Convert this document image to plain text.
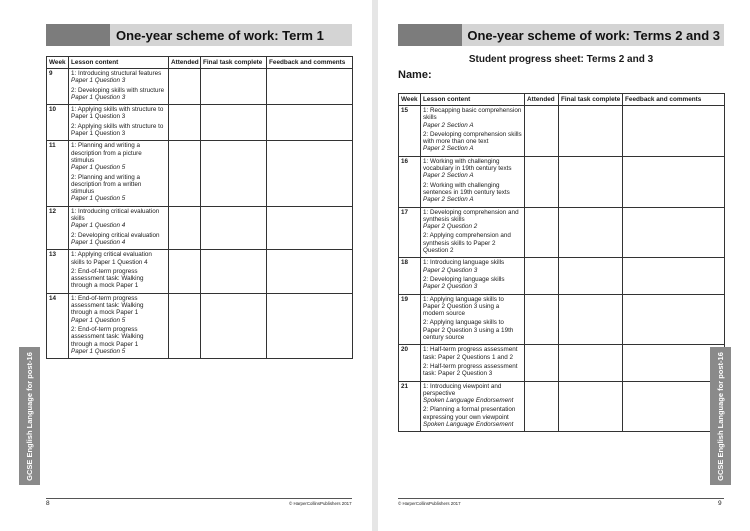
One-year scheme of work: Term 1
Week	Lesson content	Attended	Final task complete	Feedback and comments
9	1: Introducing structural features
Paper 1 Question 3
2: Developing skills with structure
Paper 1 Question 3			

10	1: Applying skills with structure to Paper 1 Question 3
2: Applying skills with structure to Paper 1 Question 3			

11	1: Planning and writing a description from a picture stimulus
Paper 1 Question 5
2: Planning and writing a description from a written stimulus
Paper 1 Question 5			

12	1: Introducing critical evaluation skills
Paper 1 Question 4
2: Developing critical evaluation
Paper 1 Question 4			

13	1: Applying critical evaluation skills to Paper 1 Question 4
2: End-of-term progress assessment task: Walking through a mock Paper 1			

14	1: End-of-term progress assessment task: Walking through a mock Paper 1
Paper 1 Question 5
2: End-of-term progress assessment task: Walking through a mock Paper 1
Paper 1 Question 5			

GCSE English Language for post-16
8	© HarperCollinsPublishers 2017
One-year scheme of work: Terms 2 and 3
Student progress sheet: Terms 2 and 3
Name:
Week	Lesson content	Attended	Final task complete	Feedback and comments
15	1: Recapping basic comprehension skills
Paper 2 Section A
2: Developing comprehension skills with more than one text
Paper 2 Section A			

16	1: Working with challenging vocabulary in 19th century texts
Paper 2 Section A
2: Working with challenging sentences in 19th century texts
Paper 2 Section A			

17	1: Developing comprehension and synthesis skills
Paper 2 Question 2
2: Applying comprehension and synthesis skills to Paper 2 Question 2			

18	1: Introducing language skills
Paper 2 Question 3
2: Developing language skills
Paper 2 Question 3			

19	1: Applying language skills to Paper 2 Question 3 using a modern source
2: Applying language skills to Paper 2 Question 3 using a 19th century source			

20	1: Half-term progress assessment task: Paper 2 Questions 1 and 2
2: Half-term progress assessment task: Paper 2 Question 3			

21	1: Introducing viewpoint and perspective
Spoken Language Endorsement
2: Planning a formal presentation expressing your own viewpoint
Spoken Language Endorsement			
				GCSE English Language for post-16
© HarperCollinsPublishers 2017	9
